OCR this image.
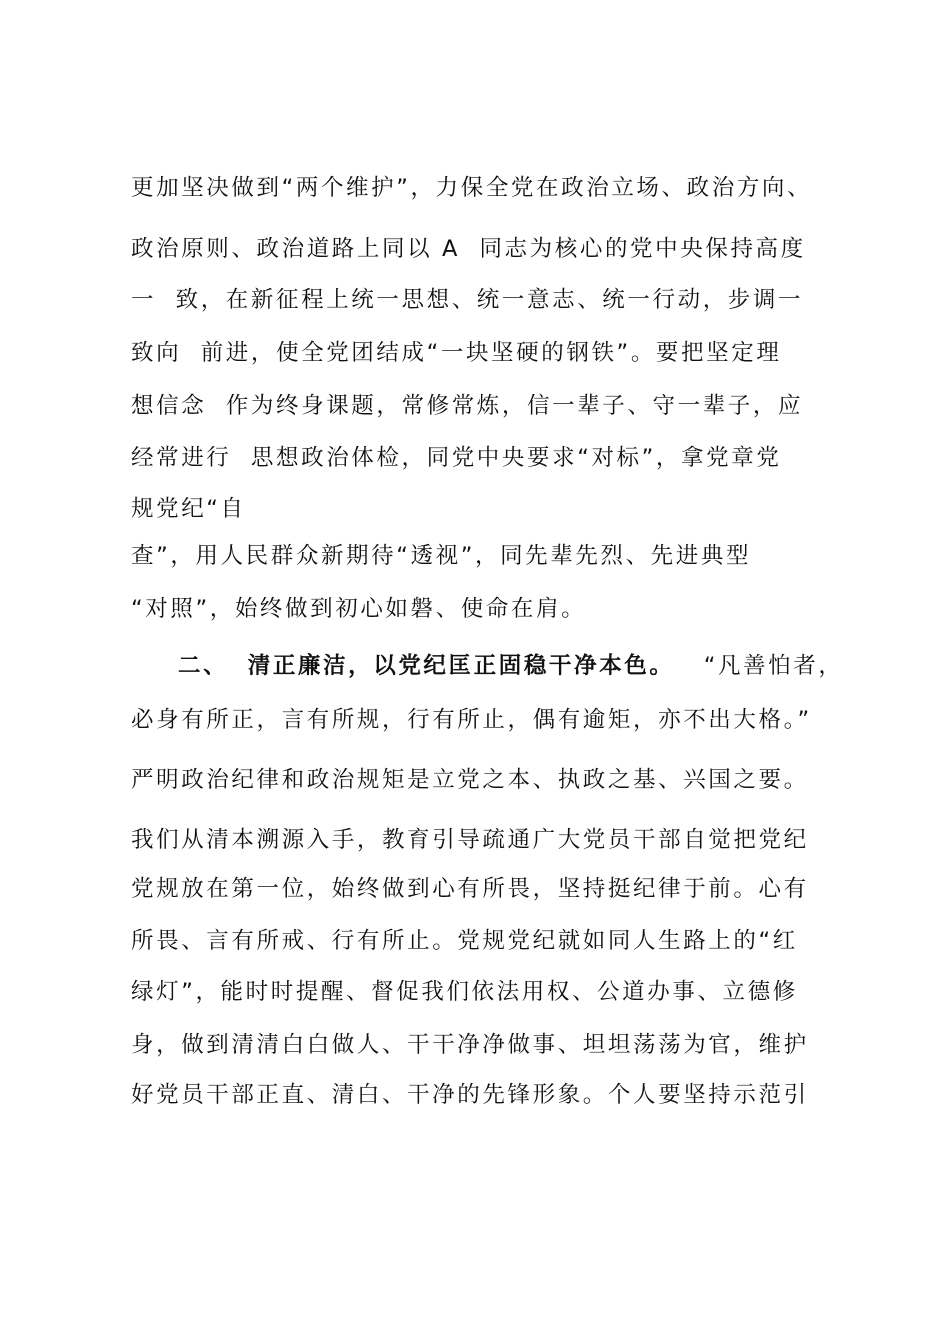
更加坚决做到“两个维护”，力保全党在政治立场、政治方向、
政治原则、政治道路上同以 A  同志为核心的党中央保持高度
一  致，在新征程上统一思想、统一意志、统一行动，步调一
致向  前进，使全党团结成“一块坚硬的钢铁”。要把坚定理
想信念  作为终身课题，常修常炼，信一辈子、守一辈子，应
经常进行  思想政治体检，同党中央要求“对标”，拿党章党
规党纪“自
查”，用人民群众新期待“透视”，同先辈先烈、先进典型
“对照”，始终做到初心如磐、使命在肩。
二、 清正廉洁，以党纪匡正固稳干净本色。 “凡善怕者，
必身有所正，言有所规，行有所止，偶有逾矩，亦不出大格。”
严明政治纪律和政治规矩是立党之本、执政之基、兴国之要。
我们从清本溯源入手，教育引导疏通广大党员干部自觉把党纪
党规放在第一位，始终做到心有所畏，坚持挺纪律于前。心有
所畏、言有所戒、行有所止。党规党纪就如同人生路上的“红
绿灯”，能时时提醒、督促我们依法用权、公道办事、立德修
身，做到清清白白做人、干干净净做事、坦坦荡荡为官，维护
好党员干部正直、清白、干净的先锋形象。个人要坚持示范引
